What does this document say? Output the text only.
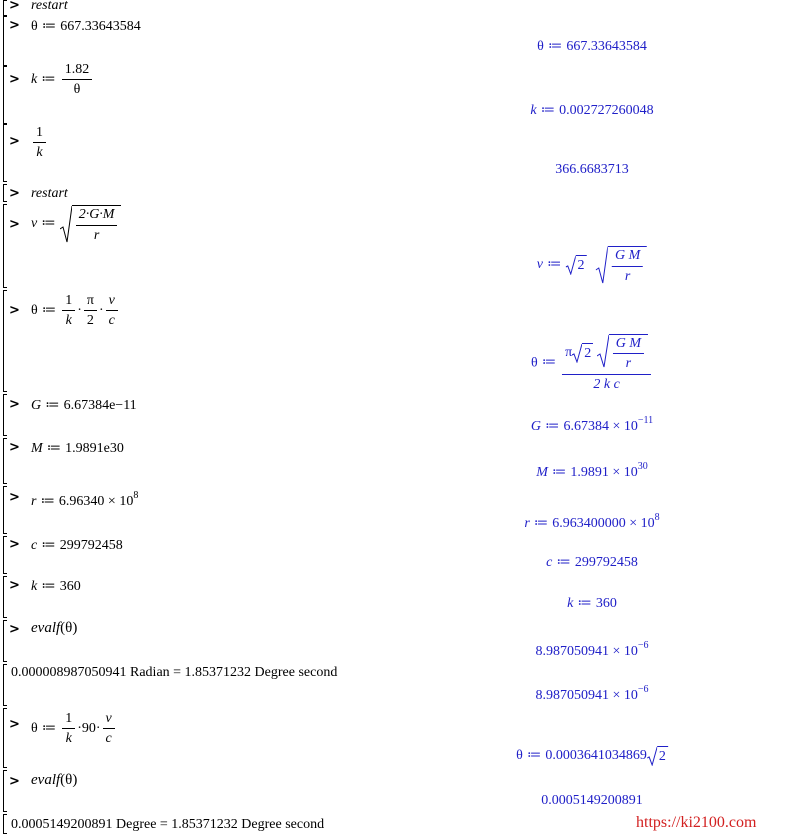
> restart
> θ ≔ 667.33643584
θ ≔ 667.33643584
> k ≔ $\frac{1.82}{\theta}$
k ≔ 0.002727260048
> $\frac{1}{k}$
366.6683713
> restart
> v ≔ $\frac{2\cdot G\cdot M}{r}$
v ≔ 2
$\frac{\text{G M}}{r}$
> θ ≔ $\frac{1}{k} \cdot \frac{\pi}{2} \cdot \frac{v}{c}$
θ ≔ π 2
$\frac{\text{G M}}{r}$
2 k c
> G ≔ 6.67384e−11
G ≔ $6.67384 \times 10^{-11}$
> M ≔ 1.9891e30
M ≔ $1.9891 \times 10^{30}$
> r ≔ $6.96340 \times 10^8$
r ≔ $6.963400000 \times 10^8$
> c ≔ 299792458
c ≔ 299792458
> k ≔ 360
k ≔ 360
> evalf(θ)
$8.987050941 \times 10^{-6}$
0.000008987050941 Radian = 1.85371232 Degree second
$8.987050941 \times 10^{-6}$
> θ ≔ $\frac{1}{k} \cdot 90\cdot \frac{v}{c}$
θ ≔ 0.0003641034869 2
> evalf(θ)
0.0005149200891
0.0005149200891 Degree = 1.85371232 Degree second	https://ki2100.com
